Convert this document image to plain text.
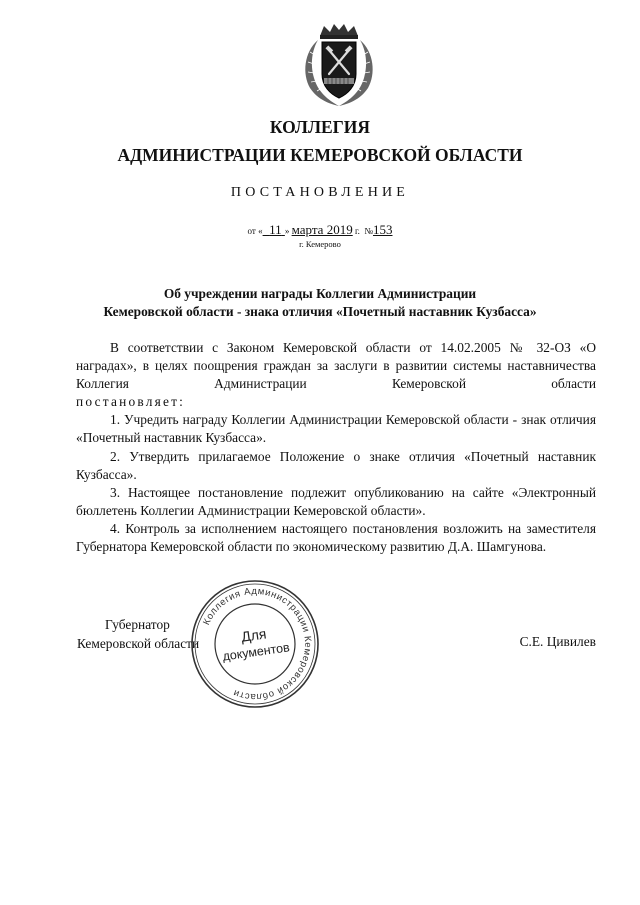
КОЛЛЕГИЯ
АДМИНИСТРАЦИИ КЕМЕРОВСКОЙ ОБЛАСТИ
ПОСТАНОВЛЕНИЕ
от « 11 » марта 2019 г. №153
г. Кемерово
Об учреждении награды Коллегии Администрации
Кемеровской области - знака отличия «Почетный наставник Кузбасса»

В соответствии с Законом Кемеровской области от 14.02.2005 № 32-ОЗ «О наградах», в целях поощрения граждан за заслуги в развитии системы наставничества Коллегия Администрации Кемеровской области

постановляет:

1. Учредить награду Коллегии Администрации Кемеровской области - знак отличия «Почетный наставник Кузбасса».

2. Утвердить прилагаемое Положение о знаке отличия «Почетный наставник Кузбасса».

3. Настоящее постановление подлежит опубликованию на сайте «Электронный бюллетень Коллегии Администрации Кемеровской области».

4. Контроль за исполнением настоящего постановления возложить на заместителя Губернатора Кемеровской области по экономическому развитию Д.А. Шамгунова.

Губернатор
Кемеровской области	С.Е. Цивилев
Коллегия Администрации Кемеровской области
Для
документов
